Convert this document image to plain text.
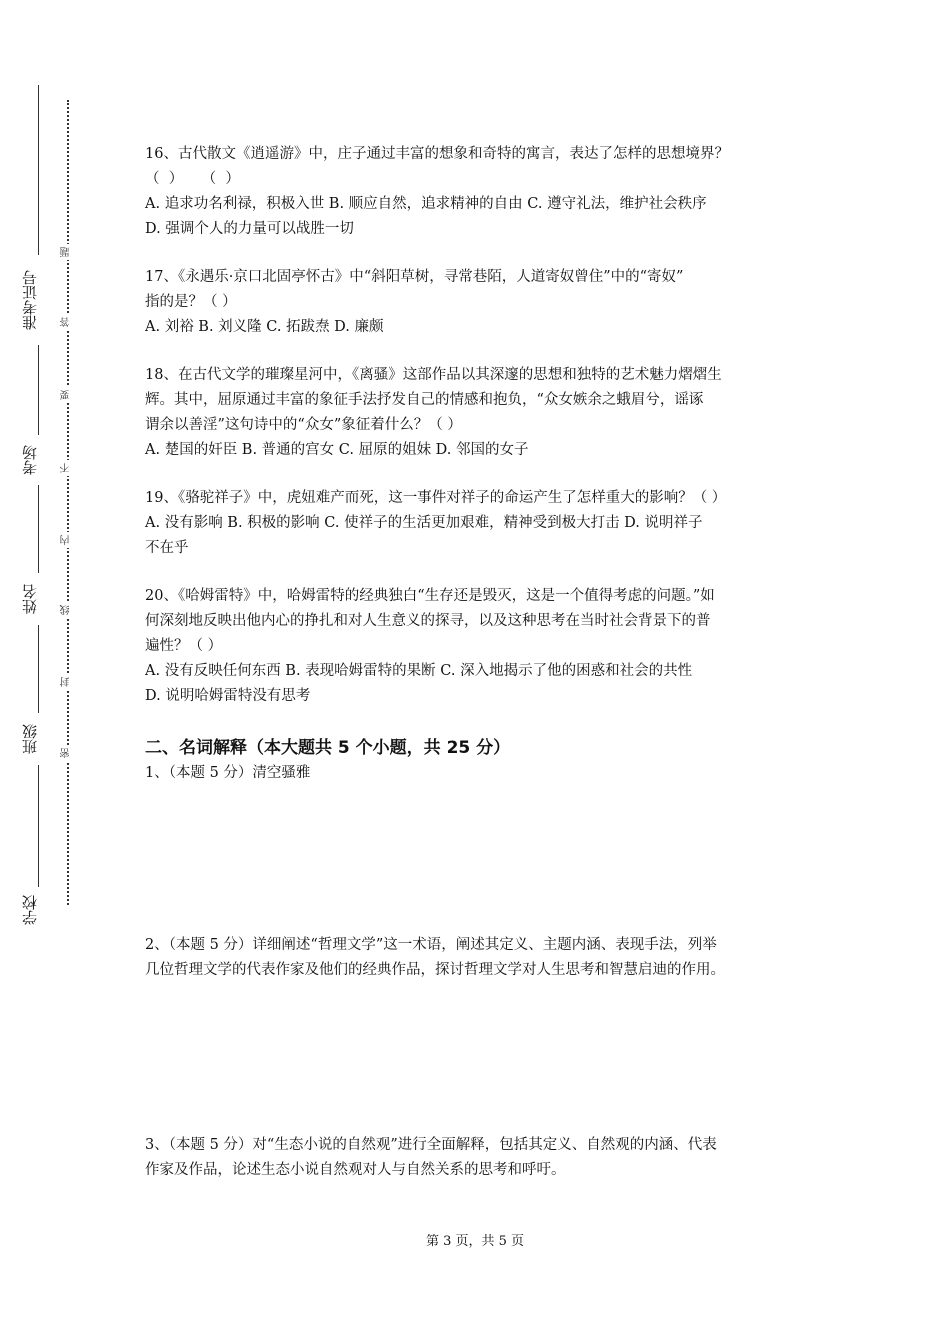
准考证号
考场
姓名
班级
学校
题
答
要
不
内
线
封
密

16、古代散文《逍遥游》中，庄子通过丰富的想象和奇特的寓言，表达了怎样的思想境界？

（  ）    （  ）

A. 追求功名利禄，积极入世 B. 顺应自然，追求精神的自由 C. 遵守礼法，维护社会秩序

D. 强调个人的力量可以战胜一切

17、《永遇乐·京口北固亭怀古》中“斜阳草树，寻常巷陌，人道寄奴曾住”中的“寄奴”

指的是？（ ）

A. 刘裕 B. 刘义隆 C. 拓跋焘 D. 廉颇

18、在古代文学的璀璨星河中，《离骚》这部作品以其深邃的思想和独特的艺术魅力熠熠生

辉。其中，屈原通过丰富的象征手法抒发自己的情感和抱负，“众女嫉余之蛾眉兮，谣诼

谓余以善淫”这句诗中的“众女”象征着什么？（ ）

A. 楚国的奸臣 B. 普通的宫女 C. 屈原的姐妹 D. 邻国的女子

19、《骆驼祥子》中，虎妞难产而死，这一事件对祥子的命运产生了怎样重大的影响？（ ）

A. 没有影响 B. 积极的影响 C. 使祥子的生活更加艰难，精神受到极大打击 D. 说明祥子

不在乎

20、《哈姆雷特》中，哈姆雷特的经典独白“生存还是毁灭，这是一个值得考虑的问题。”如

何深刻地反映出他内心的挣扎和对人生意义的探寻，以及这种思考在当时社会背景下的普

遍性？（ ）

A. 没有反映任何东西 B. 表现哈姆雷特的果断 C. 深入地揭示了他的困惑和社会的共性

D. 说明哈姆雷特没有思考

二、名词解释（本大题共 5 个小题，共 25 分）

1、（本题 5 分）清空骚雅

2、（本题 5 分）详细阐述“哲理文学”这一术语，阐述其定义、主题内涵、表现手法，列举

几位哲理文学的代表作家及他们的经典作品，探讨哲理文学对人生思考和智慧启迪的作用。

3、（本题 5 分）对“生态小说的自然观”进行全面解释，包括其定义、自然观的内涵、代表

作家及作品，论述生态小说自然观对人与自然关系的思考和呼吁。

第 3 页，共 5 页
